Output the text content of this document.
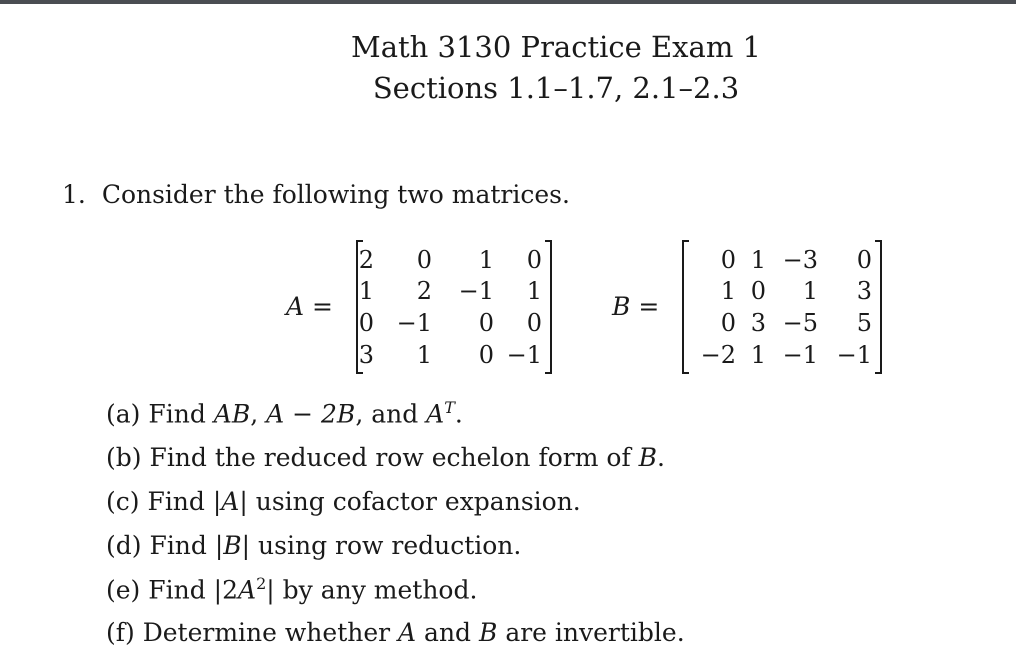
Math 3130 Practice Exam 1
Sections 1.1–1.7, 2.1–2.3
1. Consider the following two matrices.
A =
2 0 1 0
1 2 −1 1
0 −1 0 0
3 1 0 −1
B =
0 1 −3 0
1 0 1 3
0 3 −5 5
−2 1 −1 −1
(a) Find AB, A − 2B, and $A^T$.
(b) Find the reduced row echelon form of B.
(c) Find |A| using cofactor expansion.
(d) Find |B| using row reduction.
(e) Find $|2A^2|$ by any method.
(f) Determine whether A and B are invertible.
